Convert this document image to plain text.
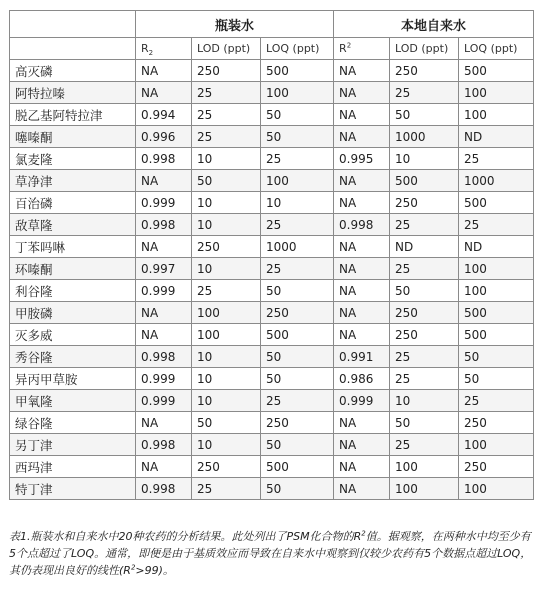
	瓶装水			本地自来水		
	$R_2$	LOD (ppt)	LOQ (ppt)	$R^2$	LOD (ppt)	LOQ (ppt)
高灭磷	NA	250	500	NA	250	500
阿特拉嗪	NA	25	100	NA	25	100
脱乙基阿特拉津	0.994	25	50	NA	50	100
噻嗪酮	0.996	25	50	NA	1000	ND
氯麦隆	0.998	10	25	0.995	10	25
草净津	NA	50	100	NA	500	1000
百治磷	0.999	10	10	NA	250	500
敌草隆	0.998	10	25	0.998	25	25
丁苯吗啉	NA	250	1000	NA	ND	ND
环嗪酮	0.997	10	25	NA	25	100
利谷隆	0.999	25	50	NA	50	100
甲胺磷	NA	100	250	NA	250	500
灭多威	NA	100	500	NA	250	500
秀谷隆	0.998	10	50	0.991	25	50
异丙甲草胺	0.999	10	50	0.986	25	50
甲氧隆	0.999	10	25	0.999	10	25
绿谷隆	NA	50	250	NA	50	250
另丁津	0.998	10	50	NA	25	100
西玛津	NA	250	500	NA	100	250
特丁津	0.998	25	50	NA	100	100
表1.瓶装水和自来水中20种农药的分析结果。此处列出了PSM化合物的$R^2$值。据观察，在两种水中均至少有5个点超过了LOQ。通常，即便是由于基质效应而导致在自来水中观察到仅较少农药有5个数据点超过LOQ，其仍表现出良好的线性$(R^2>99)$。
